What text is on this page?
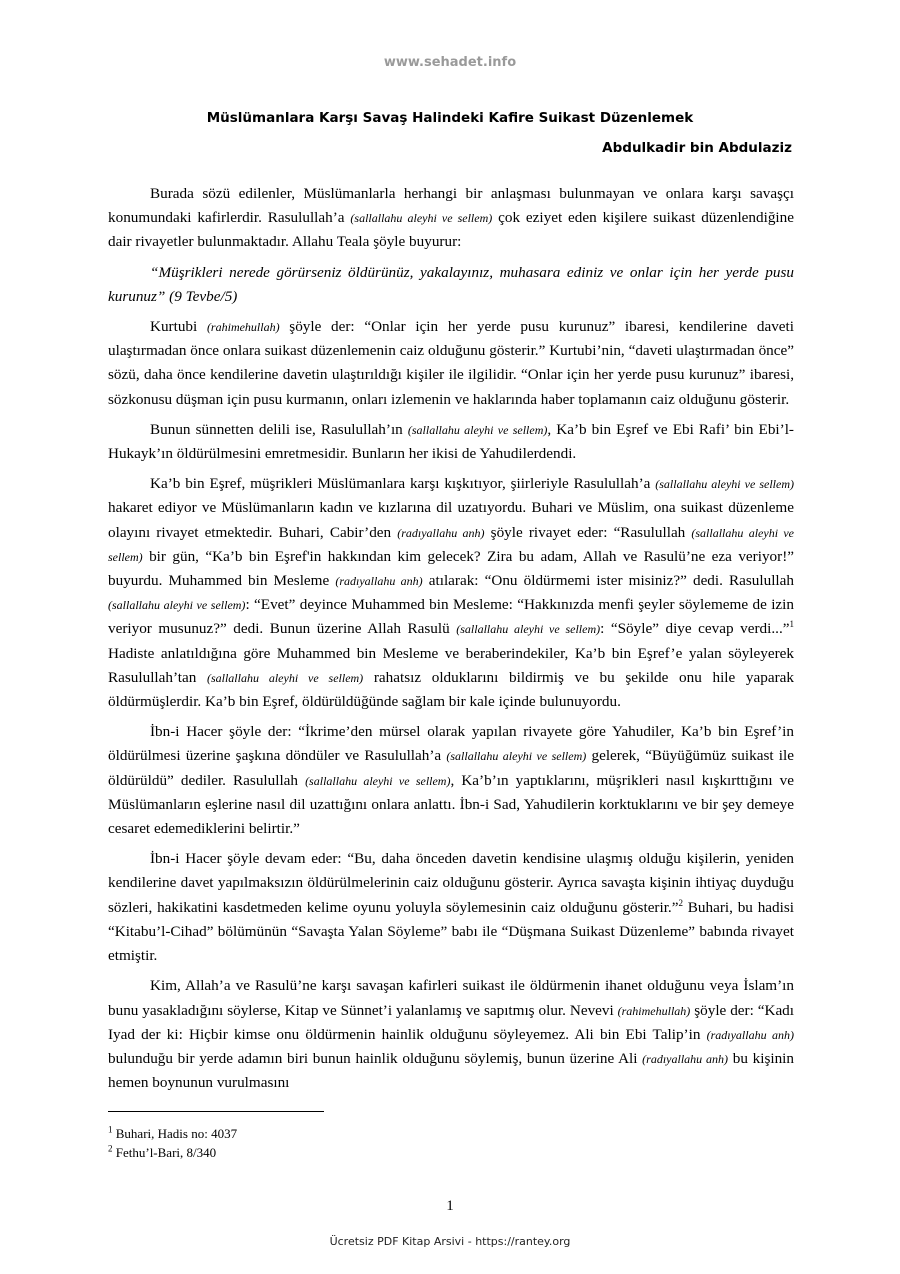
www.sehadet.info
Müslümanlara Karşı Savaş Halindeki Kafire Suikast Düzenlemek
Abdulkadir bin Abdulaziz

Burada sözü edilenler, Müslümanlarla herhangi bir anlaşması bulunmayan ve onlara karşı savaşçı konumundaki kafirlerdir. Rasulullah’a (sallallahu aleyhi ve sellem) çok eziyet eden kişilere suikast düzenlendiğine dair rivayetler bulunmaktadır. Allahu Teala şöyle buyurur:

“Müşrikleri nerede görürseniz öldürünüz, yakalayınız, muhasara ediniz ve onlar için her yerde pusu kurunuz” (9 Tevbe/5)

Kurtubi (rahimehullah) şöyle der: “Onlar için her yerde pusu kurunuz” ibaresi, kendilerine daveti ulaştırmadan önce onlara suikast düzenlemenin caiz olduğunu gösterir.” Kurtubi’nin, “daveti ulaştırmadan önce” sözü, daha önce kendilerine davetin ulaştırıldığı kişiler ile ilgilidir. “Onlar için her yerde pusu kurunuz” ibaresi, sözkonusu düşman için pusu kurmanın, onları izlemenin ve haklarında haber toplamanın caiz olduğunu gösterir.

Bunun sünnetten delili ise, Rasulullah’ın (sallallahu aleyhi ve sellem), Ka’b bin Eşref ve Ebi Rafi’ bin Ebi’l-Hukayk’ın öldürülmesini emretmesidir. Bunların her ikisi de Yahudilerdendi.

Ka’b bin Eşref, müşrikleri Müslümanlara karşı kışkıtıyor, şiirleriyle Rasulullah’a (sallallahu aleyhi ve sellem) hakaret ediyor ve Müslümanların kadın ve kızlarına dil uzatıyordu. Buhari ve Müslim, ona suikast düzenleme olayını rivayet etmektedir. Buhari, Cabir’den (radıyallahu anh) şöyle rivayet eder: “Rasulullah (sallallahu aleyhi ve sellem) bir gün, “Ka’b bin Eşref'in hakkından kim gelecek? Zira bu adam, Allah ve Rasulü’ne eza veriyor!” buyurdu. Muhammed bin Mesleme (radıyallahu anh) atılarak: “Onu öldürmemi ister misiniz?” dedi. Rasulullah (sallallahu aleyhi ve sellem): “Evet” deyince Muhammed bin Mesleme: “Hakkınızda menfi şeyler söylememe de izin veriyor musunuz?” dedi. Bunun üzerine Allah Rasulü (sallallahu aleyhi ve sellem): “Söyle” diye cevap verdi...”$^1$ Hadiste anlatıldığına göre Muhammed bin Mesleme ve beraberindekiler, Ka’b bin Eşref’e yalan söyleyerek Rasulullah’tan (sallallahu aleyhi ve sellem) rahatsız olduklarını bildirmiş ve bu şekilde onu hile yaparak öldürmüşlerdir. Ka’b bin Eşref, öldürüldüğünde sağlam bir kale içinde bulunuyordu.

İbn-i Hacer şöyle der: “İkrime’den mürsel olarak yapılan rivayete göre Yahudiler, Ka’b bin Eşref’in öldürülmesi üzerine şaşkına döndüler ve Rasulullah’a (sallallahu aleyhi ve sellem) gelerek, “Büyüğümüz suikast ile öldürüldü” dediler. Rasulullah (sallallahu aleyhi ve sellem), Ka’b’ın yaptıklarını, müşrikleri nasıl kışkırttığını ve Müslümanların eşlerine nasıl dil uzattığını onlara anlattı. İbn-i Sad, Yahudilerin korktuklarını ve bir şey demeye cesaret edemediklerini belirtir.”

İbn-i Hacer şöyle devam eder: “Bu, daha önceden davetin kendisine ulaşmış olduğu kişilerin, yeniden kendilerine davet yapılmaksızın öldürülmelerinin caiz olduğunu gösterir. Ayrıca savaşta kişinin ihtiyaç duyduğu sözleri, hakikatini kasdetmeden kelime oyunu yoluyla söylemesinin caiz olduğunu gösterir.”$^2$ Buhari, bu hadisi “Kitabu’l-Cihad” bölümünün “Savaşta Yalan Söyleme” babı ile “Düşmana Suikast Düzenleme” babında rivayet etmiştir.

Kim, Allah’a ve Rasulü’ne karşı savaşan kafirleri suikast ile öldürmenin ihanet olduğunu veya İslam’ın bunu yasakladığını söylerse, Kitap ve Sünnet’i yalanlamış ve sapıtmış olur. Nevevi (rahimehullah) şöyle der: “Kadı Iyad der ki: Hiçbir kimse onu öldürmenin hainlik olduğunu söyleyemez. Ali bin Ebi Talip’in (radıyallahu anh) bulunduğu bir yerde adamın biri bunun hainlik olduğunu söylemiş, bunun üzerine Ali (radıyallahu anh) bu kişinin hemen boynunun vurulmasını

$^1$ Buhari, Hadis no: 4037
$^2$ Fethu’l-Bari, 8/340
1
Ücretsiz PDF Kitap Arsivi - https://rantey.org
